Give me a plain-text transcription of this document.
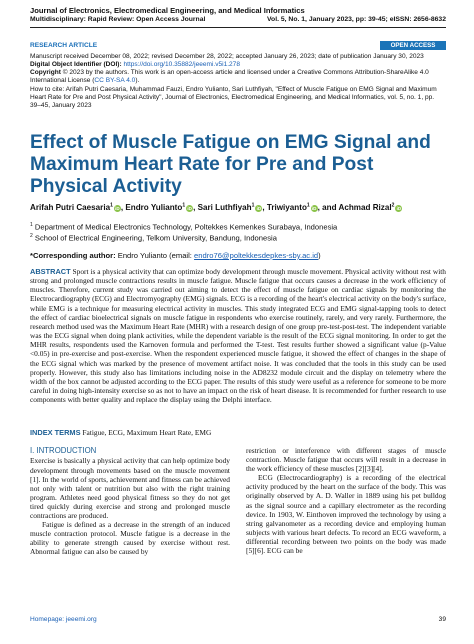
Journal of Electronics, Electromedical Engineering, and Medical Informatics
Multidisciplinary: Rapid Review: Open Access Journal	Vol. 5, No. 1, January 2023, pp: 39-45; eISSN: 2656-8632
RESEARCH ARTICLE	OPEN ACCESS
Manuscript received December 08, 2022; revised December 28, 2022; accepted January 26, 2023; date of publication January 30, 2023
Digital Object Identifier (DOI): https://doi.org/10.35882/jeeemi.v5i1.278
Copyright © 2023 by the authors. This work is an open-access article and licensed under a Creative Commons Attribution-ShareAlike 4.0 International License (CC BY-SA 4.0).
How to cite: Arifah Putri Caesaria, Muhammad Fauzi, Endro Yulianto, Sari Luthfiyah, "Effect of Muscle Fatigue on EMG Signal and Maximum Heart Rate for Pre and Post Physical Activity", Journal of Electronics, Electromedical Engineering, and Medical Informatics, vol. 5, no. 1, pp. 39–45, January 2023
Effect of Muscle Fatigue on EMG Signal and Maximum Heart Rate for Pre and Post Physical Activity
Arifah Putri Caesaria$^1$iD, Endro Yulianto$^1$iD, Sari Luthfiyah$^1$iD, Triwiyanto$^1$iD, and Achmad Rizal$^2$iD
$^1$ Department of Medical Electronics Technology, Poltekkes Kemenkes Surabaya, Indonesia
$^2$ School of Electrical Engineering, Telkom University, Bandung, Indonesia
*Corresponding author: Endro Yulianto (email: endro76@poltekkesdepkes-sby.ac.id)
ABSTRACT Sport is a physical activity that can optimize body development through muscle movement. Physical activity without rest with strong and prolonged muscle contractions results in muscle fatigue. Muscle fatigue that occurs causes a decrease in the work efficiency of muscles. Therefore, current study was carried out aiming to detect the effect of muscle fatigue on cardiac signals by monitoring the Electrocardiography (ECG) and Electromyography (EMG) signals. ECG is a recording of the heart's electrical activity on the body's surface, while EMG is a technique for measuring electrical activity in muscles. This study integrated ECG and EMG signal-tapping tools to detect the effect of cardiac bioelectrical signals on muscle fatigue in respondents who exercise routinely, rarely, and very rarely. Furthermore, the research method used was the Maximum Heart Rate (MHR) with a research design of one group pre-test-post-test. The independent variable was the ECG signal when doing plank activities, while the dependent variable is the result of the ECG signal monitoring. In order to get the MHR results, respondents used the Karnoven formula and performed the T-test. Test results further showed a significant value (p-Value <0.05) in pre-exercise and post-exercise. When the respondent experienced muscle fatigue, it showed the effect of changes in the shape of the ECG signal which was marked by the presence of movement artifact noise. It was concluded that the tools in this study can be used properly. However, this study also has limitations including noise in the AD8232 module circuit and the display on telemetry where the width of the box cannot be adjusted according to the ECG paper. The results of this study were useful as a reference for someone to be more careful in doing high-intensity exercise so as not to have an impact on the risk of heart disease. It is recommended for further research to use components with better quality and replace the display using the Delphi interface.
INDEX TERMS Fatigue, ECG, Maximum Heart Rate, EMG
I. INTRODUCTION

Exercise is basically a physical activity that can help optimize body development through movements based on the muscle movement [1]. In the world of sports, achievement and fitness can be achieved not only with talent or nutrition but also with the right training program. Athletes need good physical fitness so they do not get tired quickly during exercise and strong and prolonged muscle contractions are produced.

Fatigue is defined as a decrease in the strength of an induced muscle contraction protocol. Muscle fatigue is a decrease in the ability to generate strength caused by exercise without rest. Abnormal fatigue can also be caused by

restriction or interference with different stages of muscle contraction. Muscle fatigue that occurs will result in a decrease in the work efficiency of these muscles [2][3][4].

ECG (Electrocardiography) is a recording of the electrical activity produced by the heart on the surface of the body. This was originally observed by A. D. Waller in 1889 using his pet bulldog as the signal source and a capillary electrometer as the recording device. In 1903, W. Einthoven improved the technology by using a string galvanometer as a recording device and employing human subjects with various heart defects. To record an ECG waveform, a differential recording between two points on the body was made [5][6]. ECG can be

Homepage: jeeemi.org	39
